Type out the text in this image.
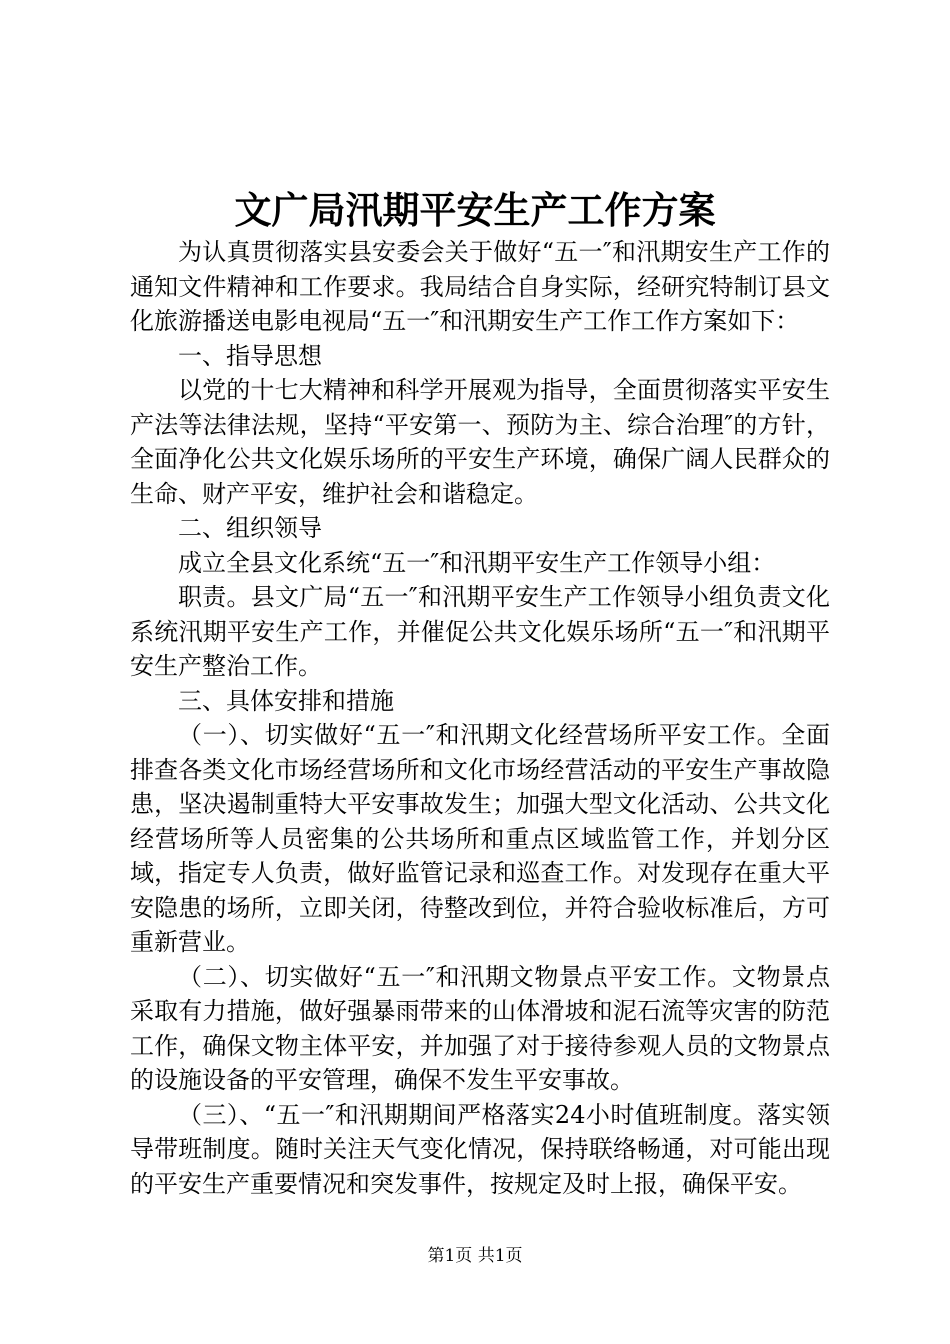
文广局汛期平安生产工作方案

为认真贯彻落实县安委会关于做好“五一″和汛期安生产工作的通知文件精神和工作要求。我局结合自身实际，经研究特制订县文化旅游播送电影电视局“五一″和汛期安生产工作工作方案如下：

一、指导思想

以党的十七大精神和科学开展观为指导，全面贯彻落实平安生产法等法律法规，坚持“平安第一、预防为主、综合治理″的方针，全面净化公共文化娱乐场所的平安生产环境，确保广阔人民群众的生命、财产平安，维护社会和谐稳定。

二、组织领导

成立全县文化系统“五一″和汛期平安生产工作领导小组：

职责。县文广局“五一″和汛期平安生产工作领导小组负责文化系统汛期平安生产工作，并催促公共文化娱乐场所“五一″和汛期平安生产整治工作。

三、具体安排和措施

（一）、切实做好“五一″和汛期文化经营场所平安工作。全面排查各类文化市场经营场所和文化市场经营活动的平安生产事故隐患，坚决遏制重特大平安事故发生；加强大型文化活动、公共文化经营场所等人员密集的公共场所和重点区域监管工作，并划分区域，指定专人负责，做好监管记录和巡查工作。对发现存在重大平安隐患的场所，立即关闭，待整改到位，并符合验收标准后，方可重新营业。

（二）、切实做好“五一″和汛期文物景点平安工作。文物景点采取有力措施，做好强暴雨带来的山体滑坡和泥石流等灾害的防范工作，确保文物主体平安，并加强了对于接待参观人员的文物景点的设施设备的平安管理，确保不发生平安事故。

（三）、“五一″和汛期期间严格落实24小时值班制度。落实领导带班制度。随时关注天气变化情况，保持联络畅通，对可能出现的平安生产重要情况和突发事件，按规定及时上报，确保平安。

第1页 共1页
